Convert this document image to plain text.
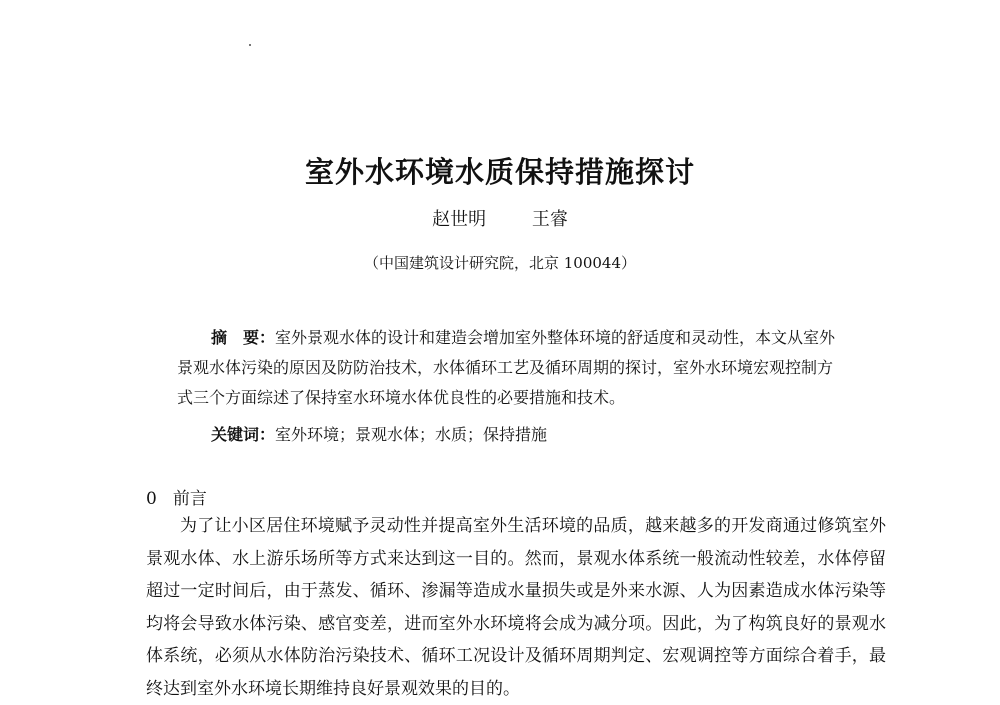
室外水环境水质保持措施探讨
赵世明	王睿
（中国建筑设计研究院，北京 100044）

摘　要：室外景观水体的设计和建造会增加室外整体环境的舒适度和灵动性，本文从室外景观水体污染的原因及防防治技术，水体循环工艺及循环周期的探讨，室外水环境宏观控制方式三个方面综述了保持室水环境水体优良性的必要措施和技术。

关键词：室外环境；景观水体；水质；保持措施
0 前言

为了让小区居住环境赋予灵动性并提高室外生活环境的品质，越来越多的开发商通过修筑室外景观水体、水上游乐场所等方式来达到这一目的。然而，景观水体系统一般流动性较差，水体停留超过一定时间后，由于蒸发、循环、渗漏等造成水量损失或是外来水源、人为因素造成水体污染等均将会导致水体污染、感官变差，进而室外水环境将会成为减分项。因此，为了构筑良好的景观水体系统，必须从水体防治污染技术、循环工况设计及循环周期判定、宏观调控等方面综合着手，最终达到室外水环境长期维持良好景观效果的目的。
